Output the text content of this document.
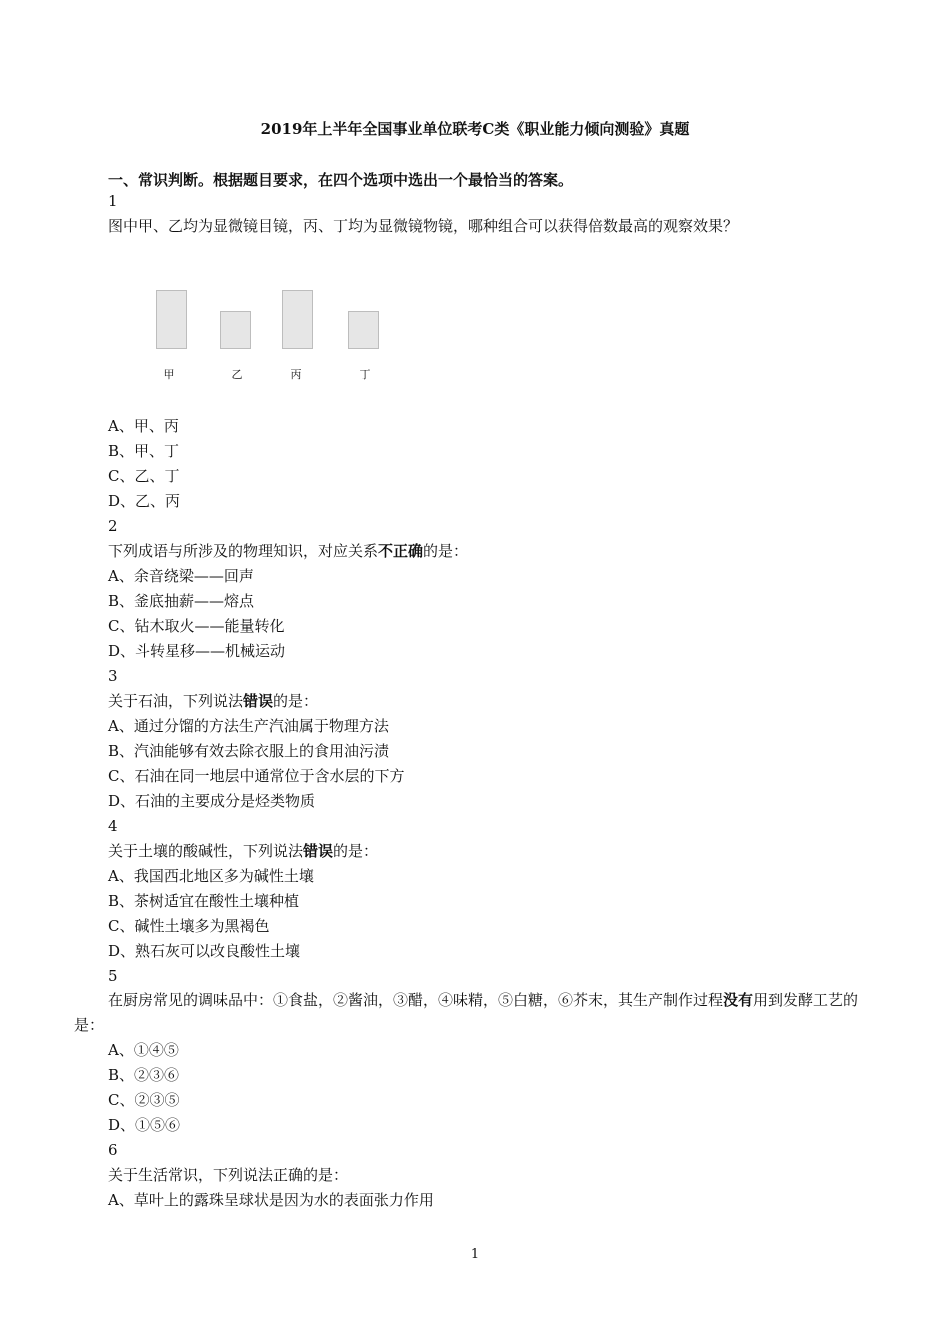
2019年上半年全国事业单位联考C类《职业能力倾向测验》真题
一、常识判断。根据题目要求，在四个选项中选出一个最恰当的答案。
1
图中甲、乙均为显微镜目镜，丙、丁均为显微镜物镜，哪种组合可以获得倍数最高的观察效果？
甲	乙	丙	丁
A、甲、丙
B、甲、丁
C、乙、丁
D、乙、丙
2
下列成语与所涉及的物理知识，对应关系不正确的是：
A、余音绕梁——回声
B、釜底抽薪——熔点
C、钻木取火——能量转化
D、斗转星移——机械运动
3
关于石油，下列说法错误的是：
A、通过分馏的方法生产汽油属于物理方法
B、汽油能够有效去除衣服上的食用油污渍
C、石油在同一地层中通常位于含水层的下方
D、石油的主要成分是烃类物质
4
关于土壤的酸碱性，下列说法错误的是：
A、我国西北地区多为碱性土壤
B、茶树适宜在酸性土壤种植
C、碱性土壤多为黑褐色
D、熟石灰可以改良酸性土壤
5
在厨房常见的调味品中：①食盐，②酱油，③醋，④味精，⑤白糖，⑥芥末，其生产制作过程没有用到发酵工艺的是：
A、①④⑤
B、②③⑥
C、②③⑤
D、①⑤⑥
6
关于生活常识，下列说法正确的是：
A、草叶上的露珠呈球状是因为水的表面张力作用
1
